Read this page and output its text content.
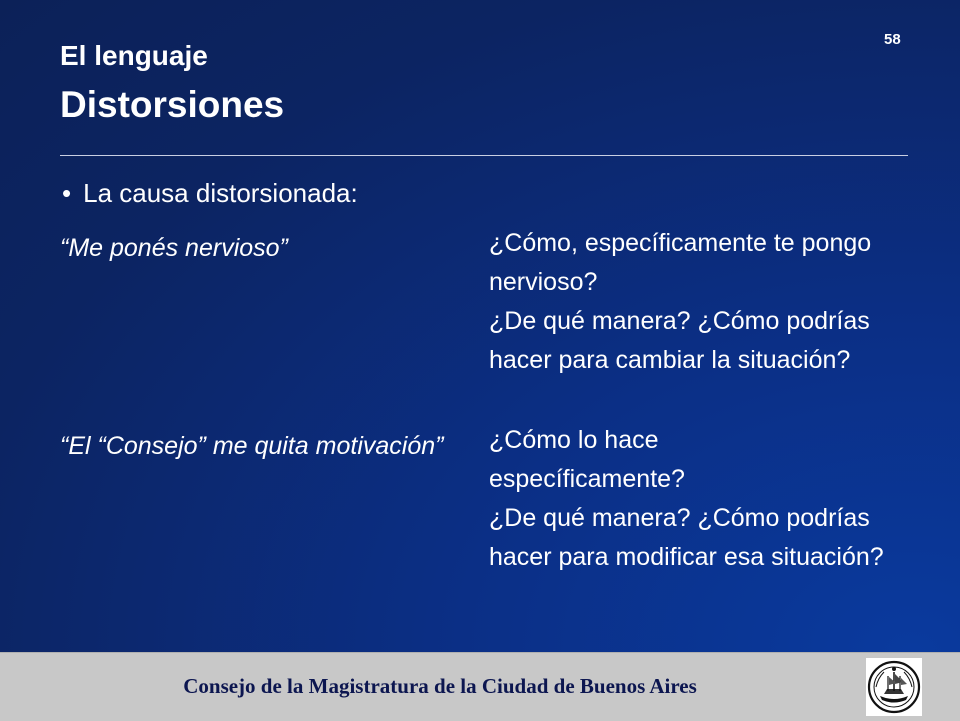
58
El lenguaje
Distorsiones
• La causa distorsionada:
“Me ponés nervioso”	¿Cómo, específicamente te pongo nervioso?
¿De qué manera? ¿Cómo podrías hacer para cambiar la situación?
“El “Consejo” me quita motivación”	¿Cómo lo hace
específicamente?
¿De qué manera? ¿Cómo podrías hacer para modificar esa situación?
Consejo de la Magistratura de la Ciudad de Buenos Aires
